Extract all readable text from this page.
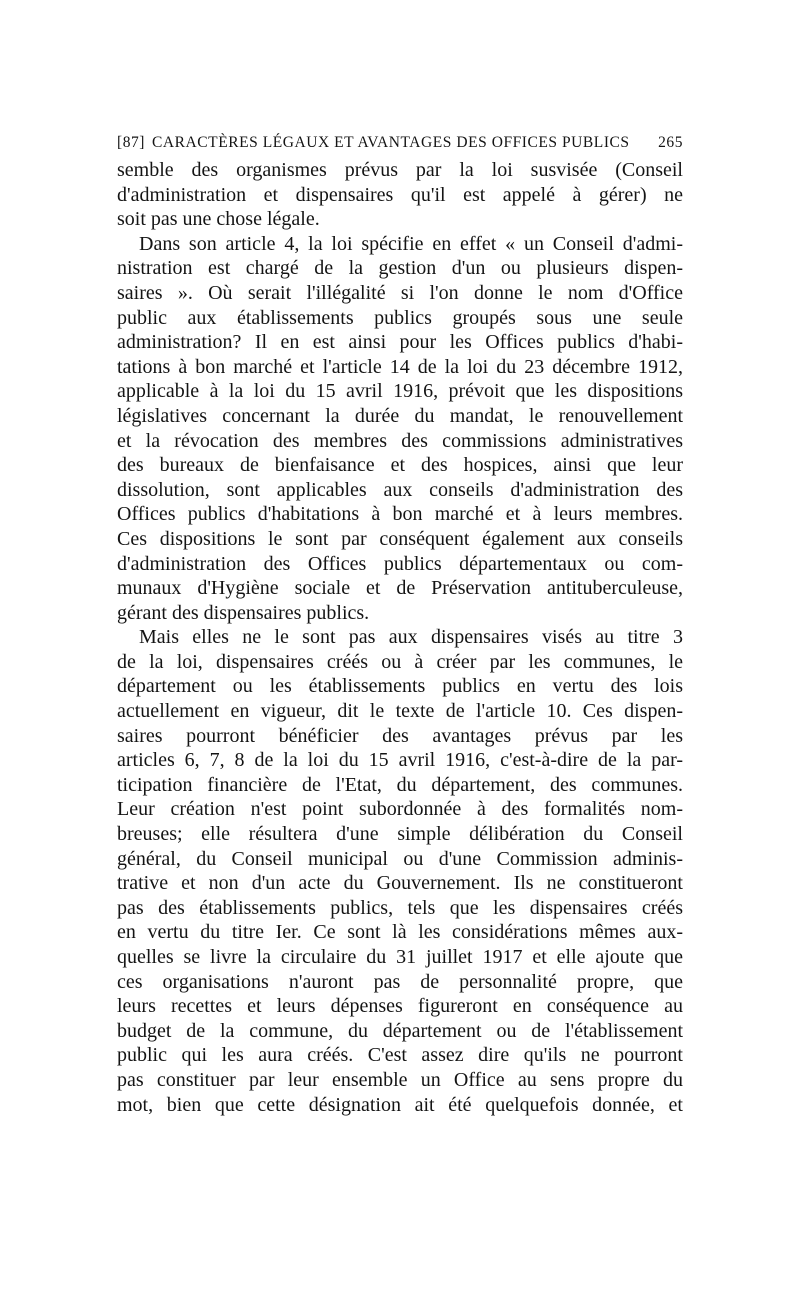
[87] CARACTÈRES LÉGAUX ET AVANTAGES DES OFFICES PUBLICS 265
semble des organismes prévus par la loi susvisée (Conseil
d'administration et dispensaires qu'il est appelé à gérer) ne
soit pas une chose légale.
Dans son article 4, la loi spécifie en effet « un Conseil d'admi-
nistration est chargé de la gestion d'un ou plusieurs dispen-
saires ». Où serait l'illégalité si l'on donne le nom d'Office
public aux établissements publics groupés sous une seule
administration? Il en est ainsi pour les Offices publics d'habi-
tations à bon marché et l'article 14 de la loi du 23 décembre 1912,
applicable à la loi du 15 avril 1916, prévoit que les dispositions
législatives concernant la durée du mandat, le renouvellement
et la révocation des membres des commissions administratives
des bureaux de bienfaisance et des hospices, ainsi que leur
dissolution, sont applicables aux conseils d'administration des
Offices publics d'habitations à bon marché et à leurs membres.
Ces dispositions le sont par conséquent également aux conseils
d'administration des Offices publics départementaux ou com-
munaux d'Hygiène sociale et de Préservation antituberculeuse,
gérant des dispensaires publics.
Mais elles ne le sont pas aux dispensaires visés au titre 3
de la loi, dispensaires créés ou à créer par les communes, le
département ou les établissements publics en vertu des lois
actuellement en vigueur, dit le texte de l'article 10. Ces dispen-
saires pourront bénéficier des avantages prévus par les
articles 6, 7, 8 de la loi du 15 avril 1916, c'est-à-dire de la par-
ticipation financière de l'Etat, du département, des communes.
Leur création n'est point subordonnée à des formalités nom-
breuses; elle résultera d'une simple délibération du Conseil
général, du Conseil municipal ou d'une Commission adminis-
trative et non d'un acte du Gouvernement. Ils ne constitueront
pas des établissements publics, tels que les dispensaires créés
en vertu du titre Ier. Ce sont là les considérations mêmes aux-
quelles se livre la circulaire du 31 juillet 1917 et elle ajoute que
ces organisations n'auront pas de personnalité propre, que
leurs recettes et leurs dépenses figureront en conséquence au
budget de la commune, du département ou de l'établissement
public qui les aura créés. C'est assez dire qu'ils ne pourront
pas constituer par leur ensemble un Office au sens propre du
mot, bien que cette désignation ait été quelquefois donnée, et
